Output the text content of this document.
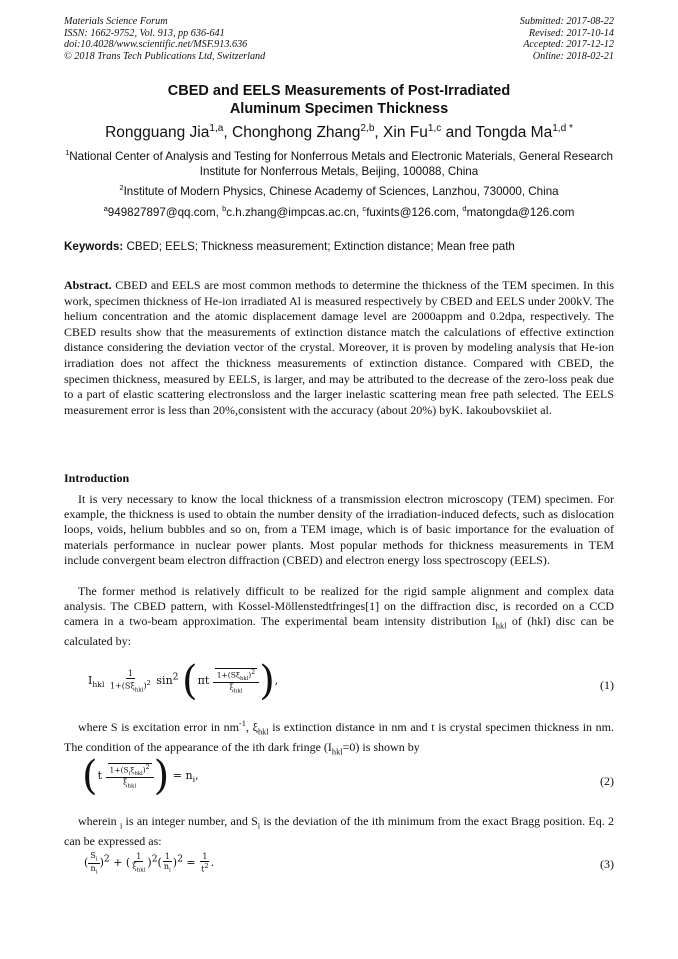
Materials Science Forum
ISSN: 1662-9752, Vol. 913, pp 636-641
doi:10.4028/www.scientific.net/MSF.913.636
© 2018 Trans Tech Publications Ltd, Switzerland
Submitted: 2017-08-22
Revised: 2017-10-14
Accepted: 2017-12-12
Online: 2018-02-21
CBED and EELS Measurements of Post-Irradiated
Aluminum Specimen Thickness
Rongguang Jia$^{1,a}$, Chonghong Zhang$^{2,b}$, Xin Fu$^{1,c}$ and Tongda $Ma^{1,d *}$
$^1$National Center of Analysis and Testing for Nonferrous Metals and Electronic Materials, General Research Institute for Nonferrous Metals, Beijing, 100088, China
$^2$Institute of Modern Physics, Chinese Academy of Sciences, Lanzhou, 730000, China
$^a$949827897@qq.com, $^b$c.h.zhang@impcas.ac.cn, $^c$fuxints@126.com, $^d$matongda@126.com
Keywords: CBED; EELS; Thickness measurement; Extinction distance; Mean free path
Abstract. CBED and EELS are most common methods to determine the thickness of the TEM specimen. In this work, specimen thickness of He-ion irradiated Al is measured respectively by CBED and EELS under 200kV. The helium concentration and the atomic displacement damage level are 2000appm and 0.2dpa, respectively. The CBED results show that the measurements of extinction distance match the calculations of effective extinction distance considering the deviation vector of the crystal. Moreover, it is proven by modeling analysis that He-ion irradiation does not affect the thickness measurements of extinction distance. Compared with CBED, the specimen thickness, measured by EELS, is larger, and may be attributed to the decrease of the zero-loss peak due to a part of elastic scattering electronsloss and the larger inelastic scattering mean free path selected. The EELS measurement error is less than 20%,consistent with the accuracy (about 20%) byK. Iakoubovskiiet al.
Introduction
It is very necessary to know the local thickness of a transmission electron microscopy (TEM) specimen. For example, the thickness is used to obtain the number density of the irradiation-induced defects, such as dislocation loops, voids, helium bubbles and so on, from a TEM image, which is of basic importance for the evaluation of materials performance in nuclear power plants. Most popular methods for thickness measurements in TEM include convergent beam electron diffraction (CBED) and electron energy loss spectroscopy (EELS).
The former method is relatively difficult to be realized for the rigid sample alignment and complex data analysis. The CBED pattern, with Kossel-Möllenstedtfringes[1] on the diffraction disc, is recorded on a CCD camera in a two-beam approximation. The experimental beam intensity distribution $I_{hkl}$ of (hkl) disc can be calculated by:
$I_{hkl} \frac{1}{1+(S\xi_{hkl})^2} \sin^2 (\pi t \frac{1+(S\xi_{hkl})^2}{\xi_{hkl}}$ ),	(1)
where S is excitation error in $nm^{-1}$, $\xi_{hkl}$ is extinction distance in nm and t is crystal specimen thickness in nm. The condition of the appearance of the ith dark fringe $(I_{hkl}=0)$ is shown by
($t \frac{1+(S_i\xi_{hkl})^2}{\xi_{hkl}}$ ) = $n_i$,	(2)
wherein $_i$ is an integer number, and $S_i$ is the deviation of the ith minimum from the exact Bragg position. Eq. 2 can be expressed as:
( $\frac{S_i}{n_i} )^2$ + ( $\frac{1}{\xi_{hkl}} )^2( \frac{1}{n_i} )^2 = \frac{1}{t^2}$ .	(3)
